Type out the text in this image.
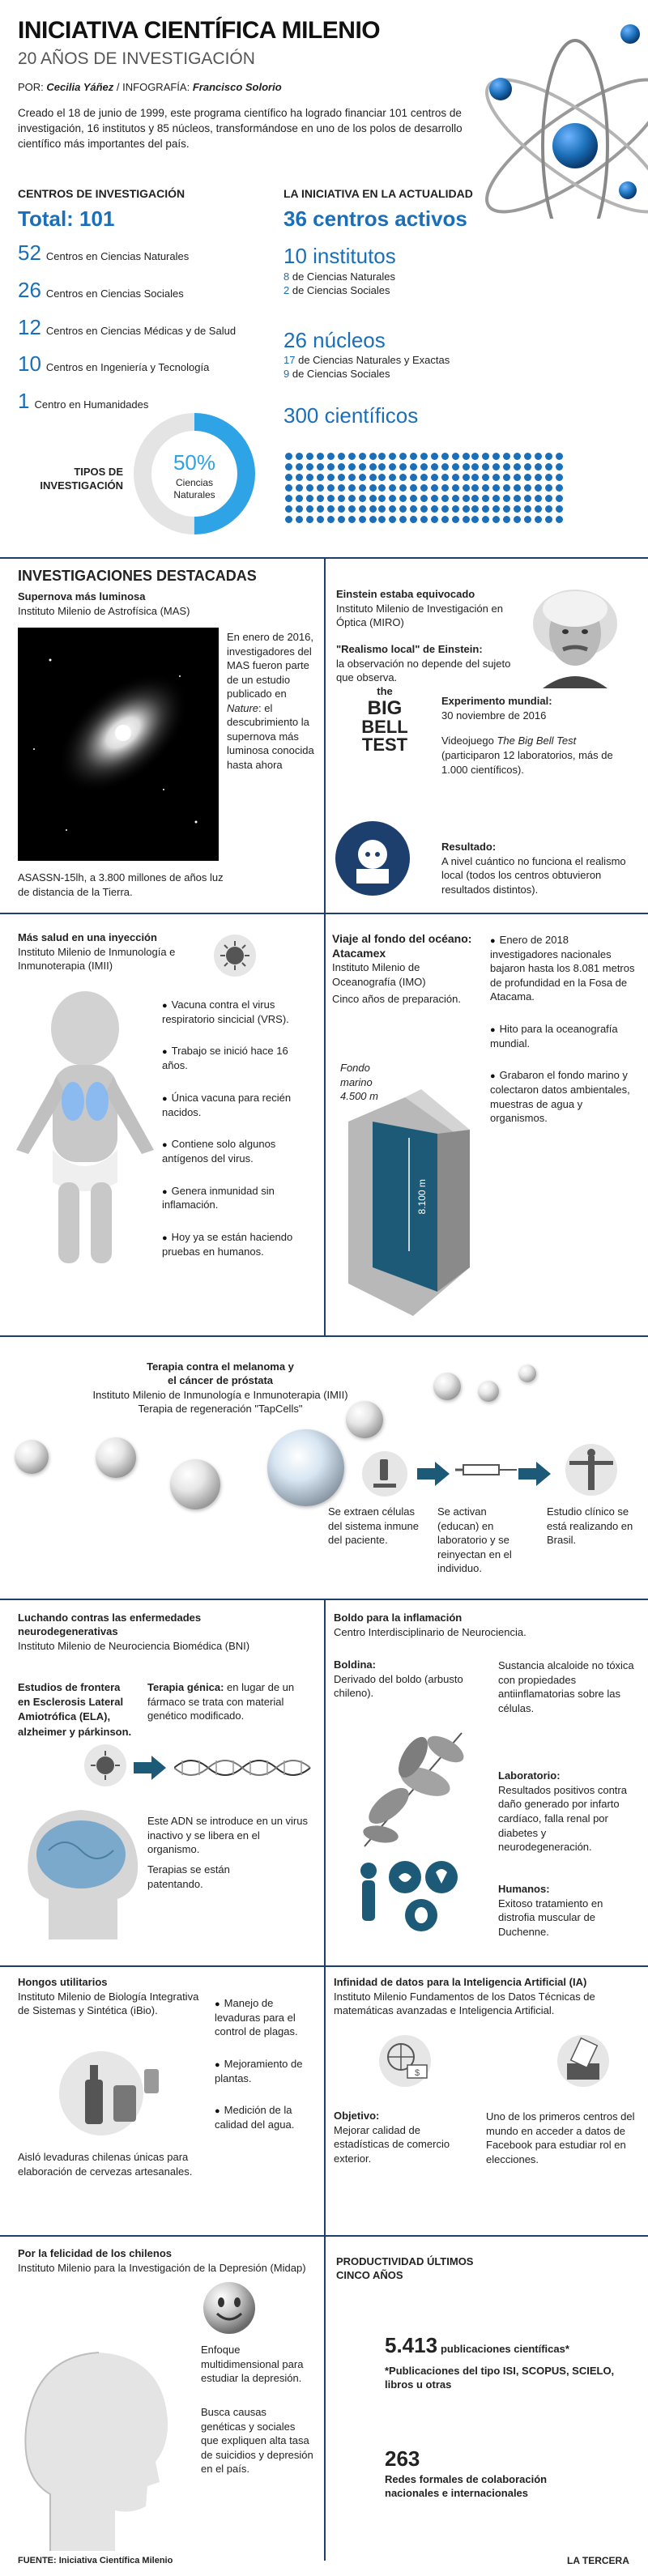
INICIATIVA CIENTÍFICA MILENIO
20 AÑOS DE INVESTIGACIÓN
POR: Cecilia Yáñez / INFOGRAFÍA: Francisco Solorio
Creado el 18 de junio de 1999, este programa científico ha logrado financiar 101 centros de investigación, 16 institutos y 85 núcleos, transformándose en uno de los polos de desarrollo científico más importantes del país.
CENTROS DE INVESTIGACIÓN
Total: 101
52 Centros en Ciencias Naturales
26 Centros en Ciencias Sociales
12 Centros en Ciencias Médicas y de Salud
10 Centros en Ingeniería y Tecnología
1 Centro en Humanidades
TIPOS DE
INVESTIGACIÓN
50%
Ciencias
Naturales
LA INICIATIVA EN LA ACTUALIDAD
36 centros activos
10 institutos
8 de Ciencias Naturales
2 de Ciencias Sociales
26 núcleos
17 de Ciencias Naturales y Exactas
9 de Ciencias Sociales
300 científicos
INVESTIGACIONES DESTACADAS
Supernova más luminosa
Instituto Milenio de Astrofísica (MAS)
En enero de 2016, investigadores del MAS fueron parte de un estudio publicado en Nature: el descubrimiento la supernova más luminosa conocida hasta ahora
ASASSN-15lh, a 3.800 millones de años luz de distancia de la Tierra.
Einstein estaba equivocado
Instituto Milenio de Investigación en Óptica (MIRO)
"Realismo local" de Einstein:
la observación no depende del sujeto que observa.
the
BIG
BELL TEST
Experimento mundial:
30 noviembre de 2016
Videojuego The Big Bell Test (participaron 12 laboratorios, más de 1.000 científicos).
Resultado:
A nivel cuántico no funciona el realismo local (todos los centros obtuvieron resultados distintos).
Más salud en una inyección
Instituto Milenio de Inmunología e Inmunoterapia (IMII)
● Vacuna contra el virus respiratorio sincicial (VRS).
● Trabajo se inició hace 16 años.
● Única vacuna para recién nacidos.
● Contiene solo algunos antígenos del virus.
● Genera inmunidad sin inflamación.
● Hoy ya se están haciendo pruebas en humanos.
Viaje al fondo del océano:
Atacamex
Instituto Milenio de Oceanografía (IMO)
Cinco años de preparación.
Fondo
marino
4.500 m
8.100 m
● Enero de 2018 investigadores nacionales bajaron hasta los 8.081 metros de profundidad en la Fosa de Atacama.
● Hito para la oceanografía mundial.
● Grabaron el fondo marino y colectaron datos ambientales, muestras de agua y organismos.
Terapia contra el melanoma y
el cáncer de próstata
Instituto Milenio de Inmunología e Inmunoterapia (IMII)
Terapia de regeneración "TapCells"
Se extraen células del sistema inmune del paciente.
Se activan (educan) en laboratorio y se reinyectan en el individuo.
Estudio clínico se está realizando en Brasil.
Luchando contras las enfermedades
neurodegenerativas
Instituto Milenio de Neurociencia Biomédica (BNI)
Estudios de frontera en Esclerosis Lateral Amiotrófica (ELA), alzheimer y párkinson.
Terapia génica: en lugar de un fármaco se trata con material genético modificado.
Este ADN se introduce en un virus inactivo y se libera en el organismo.
Terapias se están patentando.
Boldo para la inflamación
Centro Interdisciplinario de Neurociencia.
Boldina:
Derivado del boldo (arbusto chileno).
Sustancia alcaloide no tóxica con propiedades antiinflamatorias sobre las células.
Laboratorio:
Resultados positivos contra daño generado por infarto cardíaco, falla renal por diabetes y neurodegeneración.
Humanos:
Exitoso tratamiento en distrofia muscular de Duchenne.
Hongos utilitarios
Instituto Milenio de Biología Integrativa de Sistemas y Sintética (iBio).
Aisló levaduras chilenas únicas para elaboración de cervezas artesanales.
● Manejo de levaduras para el control de plagas.
● Mejoramiento de plantas.
● Medición de la calidad del agua.
Infinidad de datos para la Inteligencia Artificial (IA)
Instituto Milenio Fundamentos de los Datos Técnicas de matemáticas avanzadas e Inteligencia Artificial.
$
Objetivo:
Mejorar calidad de estadísticas de comercio exterior.
Uno de los primeros centros del mundo en acceder a datos de Facebook para estudiar rol en elecciones.
Por la felicidad de los chilenos
Instituto Milenio para la Investigación de la Depresión (Midap)
Enfoque multidimensional para estudiar la depresión.
Busca causas genéticas y sociales que expliquen alta tasa de suicidios y depresión en el país.
PRODUCTIVIDAD ÚLTIMOS
CINCO AÑOS
5.413 publicaciones científicas*
*Publicaciones del tipo ISI, SCOPUS, SCIELO, libros u otras
263
Redes formales de colaboración nacionales e internacionales
FUENTE: Iniciativa Científica Milenio	LA TERCERA
